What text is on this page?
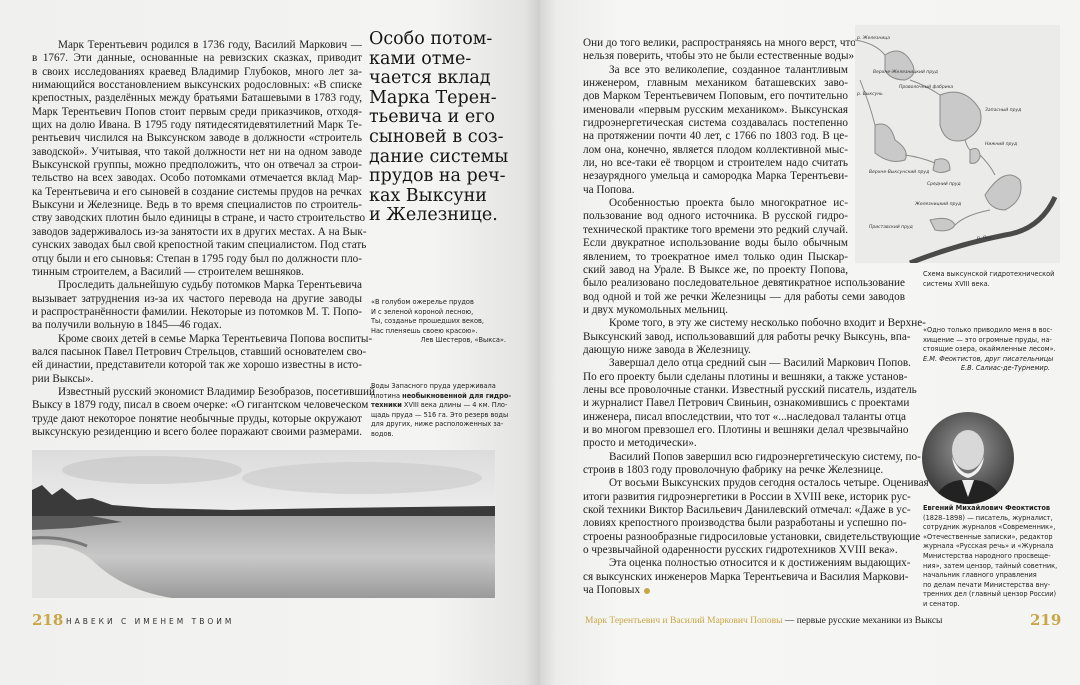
Марк Терентьевич родился в 1736 году, Василий Маркович —
в 1767. Эти данные, основанные на ревизских сказках, приводит
в своих исследованиях краевед Владимир Глубоков, много лет за-
нимающийся восстановлением выксунских родословных: «В списке
крепостных, разделённых между братьями Баташевыми в 1783 году,
Марк Терентьевич Попов стоит первым среди приказчиков, отходя-
щих на долю Ивана. В 1795 году пятидесятидевятилетний Марк Те-
рентьевич числился на Выксунском заводе в должности «строитель
заводской». Учитывая, что такой должности нет ни на одном заводе
Выксунской группы, можно предположить, что он отвечал за строи-
тельство на всех заводах. Особо потомками отмечается вклад Мар-
ка Терентьевича и его сыновей в создание системы прудов на речках
Выксуни и Железнице. Ведь в то время специалистов по строитель-
ству заводских плотин было единицы в стране, и часто строительство
заводов задерживалось из-за занятости их в других местах. А на Вык-
сунских заводах был свой крепостной таким специалистом. Под стать
отцу были и его сыновья: Степан в 1795 году был по должности пло-
тинным строителем, а Василий — строителем вешняков.
Проследить дальнейшую судьбу потомков Марка Терентьевича
вызывает затруднения из-за их частого перевода на другие заводы
и распространённости фамилии. Некоторые из потомков М. Т. Попо-
ва получили вольную в 1845—46 годах.
Кроме своих детей в семье Марка Терентьевича Попова воспиты-
вался пасынок Павел Петрович Стрельцов, ставший основателем сво-
ей династии, представители которой так же хорошо известны в исто-
рии Выксы».
Известный русский экономист Владимир Безобразов, посетивший
Выксу в 1879 году, писал в своем очерке: «О гигантском человеческом
труде дают некоторое понятие необычные пруды, которые окружают
выксунскую резиденцию и всего более поражают своими размерами.
Особо потом-
ками отме-
чается вклад
Марка Терен-
тьевича и его
сыновей в соз-
дание системы
прудов на реч-
ках Выксуни
и Железнице.
«В голубом ожерелье прудов
И с зеленой короной лесною,
Ты, созданье прошедших веков,
Нас пленяешь своею красою».
Лев Шестеров, «Выкса».
Воды Запасного пруда удерживала
плотина необыкновенной для гидро-
техники XVIII века длины — 4 км. Пло-
щадь пруда — 516 га. Это резерв воды
для других, ниже расположенных за-
водов.
218 НАВЕКИ С ИМЕНЕМ ТВОИМ
Они до того велики, распространяясь на много верст, что
нельзя поверить, чтобы это не были естественные воды».
За все это великолепие, созданное талантливым
инженером, главным механиком баташевских заво-
дов Марком Терентьевичем Поповым, его почтительно
именовали «первым русским механиком». Выксунская
гидроэнергетическая система создавалась постепенно
на протяжении почти 40 лет, с 1766 по 1803 год. В це-
лом она, конечно, является плодом коллективной мыс-
ли, но все-таки её творцом и строителем надо считать
незаурядного умельца и самородка Марка Терентьеви-
ча Попова.
Особенностью проекта было многократное ис-
пользование вод одного источника. В русской гидро-
технической практике того времени это редкий случай.
Если двукратное использование воды было обычным
явлением, то троекратное имел только один Пыскар-
ский завод на Урале. В Выксе же, по проекту Попова,
было реализовано последовательное девятикратное использование
вод одной и той же речки Железницы — для работы семи заводов
и двух мукомольных мельниц.
Кроме того, в эту же систему несколько побочно входит и Верхне-
Выксунский завод, использовавший для работы речку Выксунь, впа-
дающую ниже завода в Железницу.
Завершал дело отца средний сын — Василий Маркович Попов.
По его проекту были сделаны плотины и вешняки, а также установ-
лены все проволочные станки. Известный русский писатель, издатель
и журналист Павел Петрович Свиньин, ознакомившись с проектами
инженера, писал впоследствии, что тот «...наследовал таланты отца
и во многом превзошел его. Плотины и вешняки делал чрезвычайно
просто и методически».
Василий Попов завершил всю гидроэнергетическую систему, по-
строив в 1803 году проволочную фабрику на речке Железнице.
От восьми Выксунских прудов сегодня осталось четыре. Оценивая
итоги развития гидроэнергетики в России в XVIII веке, историк рус-
ской техники Виктор Васильевич Данилевский отмечал: «Даже в ус-
ловиях крепостного производства были разработаны и успешно по-
строены разнообразные гидросиловые установки, свидетельствующие
о чрезвычайной одаренности русских гидротехников XVIII века».
Эта оценка полностью относится и к достижениям выдающих-
ся выксунских инженеров Марка Терентьевича и Василия Маркови-
ча Поповых
р. Железница
р. Выксунь
Верхне-Железницкий пруд
Проволочный фабрика
Запасный пруд
Нижний пруд
Верхне-Выксунский пруд
Средний пруд
Железницкий пруд
Приставский пруд
р. Ока
Схема выксунской гидротехнической
системы XVIII века.
«Одно только приводило меня в вос-
хищение — это огромные пруды, на-
стоящие озера, окаймленные лесом».
Е.М. Феоктистов, друг писательницы
Е.В. Салиас-де-Турнемир.
Евгений Михайлович Феоктистов
(1828–1898) — писатель, журналист,
сотрудник журналов «Современник»,
«Отечественные записки», редактор
журнала «Русская речь» и «Журнала
Министерства народного просвеще-
ния», затем цензор, тайный советник,
начальник главного управления
по делам печати Министерства вну-
тренних дел (главный цензор России)
и сенатор.
Марк Терентьевич и Василий Маркович Поповы — первые русские механики из Выксы	219
